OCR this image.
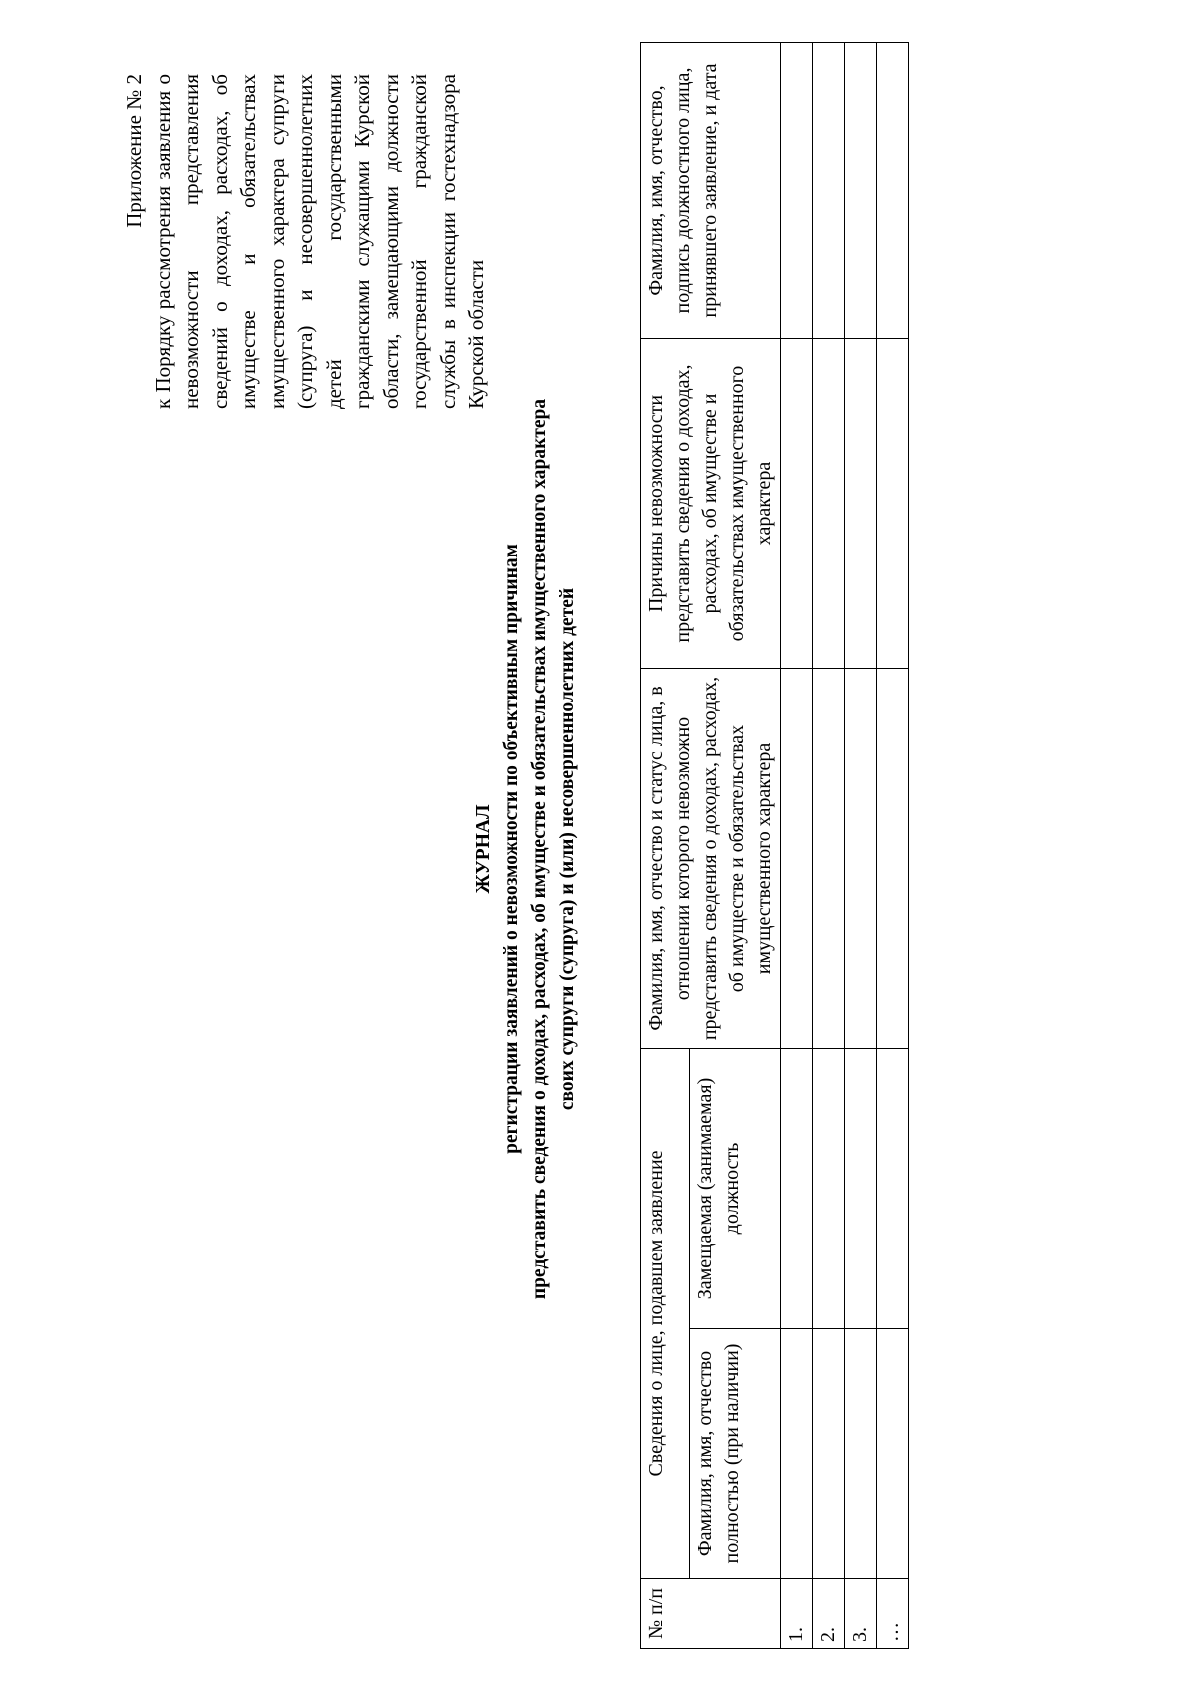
Приложение № 2 к Порядку рассмотрения заявления о невозможности представления сведений о доходах, расходах, об имуществе и обязательствах имущественного характера супруги (супруга) и несовершеннолетних детей государственными гражданскими служащими Курской области, замещающими должности государственной гражданской службы в инспекции гостехнадзора Курской области
ЖУРНАЛ регистрации заявлений о невозможности по объективным причинам представить сведения о доходах, расходах, об имуществе и обязательствах имущественного характера своих супруги (супруга) и (или) несовершеннолетних детей
№ п/п	Сведения о лице, подавшем заявление		Фамилия, имя, отчество и статус лица, в отношении которого невозможно представить сведения о доходах, расходах, об имуществе и обязательствах имущественного характера	Причины невозможности представить сведения о доходах, расходах, об имуществе и обязательствах имущественного характера	Фамилия, имя, отчество, подпись должностного лица, принявшего заявление, и дата
	Фамилия, имя, отчество полностью (при наличии)	Замещаемая (занимаемая) должность			
1.					
2.					
3.					
…					
